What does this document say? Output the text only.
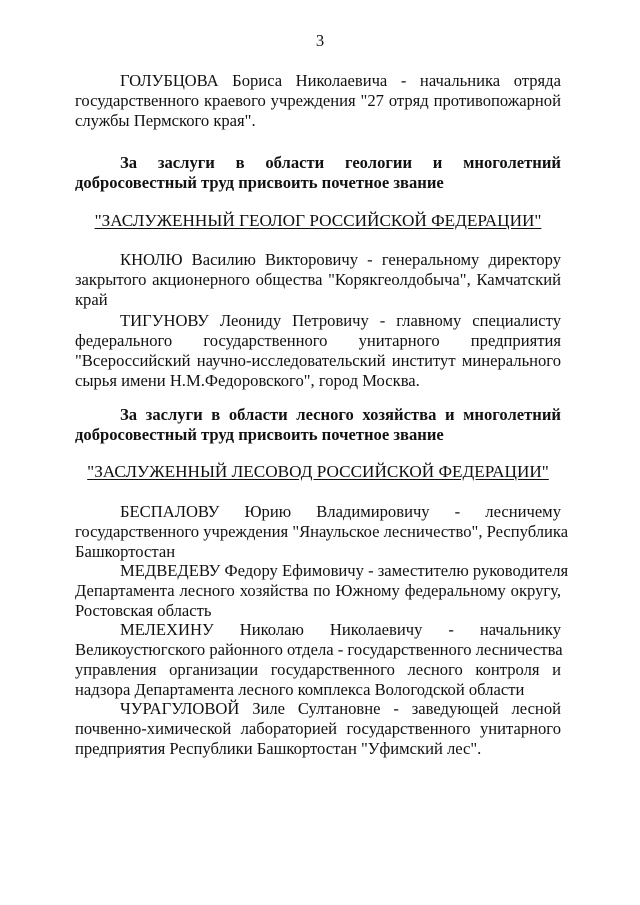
3
ГОЛУБЦОВА Бориса Николаевича - начальника отряда
государственного краевого учреждения "27 отряд противопожарной
службы Пермского края".
За заслуги в области геологии и многолетний
добросовестный труд присвоить почетное звание
"ЗАСЛУЖЕННЫЙ ГЕОЛОГ РОССИЙСКОЙ ФЕДЕРАЦИИ"
КНОЛЮ Василию Викторовичу - генеральному директору
закрытого акционерного общества "Корякгеолдобыча", Камчатский
край
ТИГУНОВУ Леониду Петровичу - главному специалисту
федерального государственного унитарного предприятия
"Всероссийский научно-исследовательский институт минерального
сырья имени Н.М.Федоровского", город Москва.
За заслуги в области лесного хозяйства и многолетний
добросовестный труд присвоить почетное звание
"ЗАСЛУЖЕННЫЙ ЛЕСОВОД РОССИЙСКОЙ ФЕДЕРАЦИИ"
БЕСПАЛОВУ Юрию Владимировичу - лесничему
государственного учреждения "Янаульское лесничество", Республика
Башкортостан
МЕДВЕДЕВУ Федору Ефимовичу - заместителю руководителя
Департамента лесного хозяйства по Южному федеральному округу,
Ростовская область
МЕЛЕХИНУ Николаю Николаевичу - начальнику
Великоустюгского районного отдела - государственного лесничества
управления организации государственного лесного контроля и
надзора Департамента лесного комплекса Вологодской области
ЧУРАГУЛОВОЙ Зиле Султановне - заведующей лесной
почвенно-химической лабораторией государственного унитарного
предприятия Республики Башкортостан "Уфимский лес".
